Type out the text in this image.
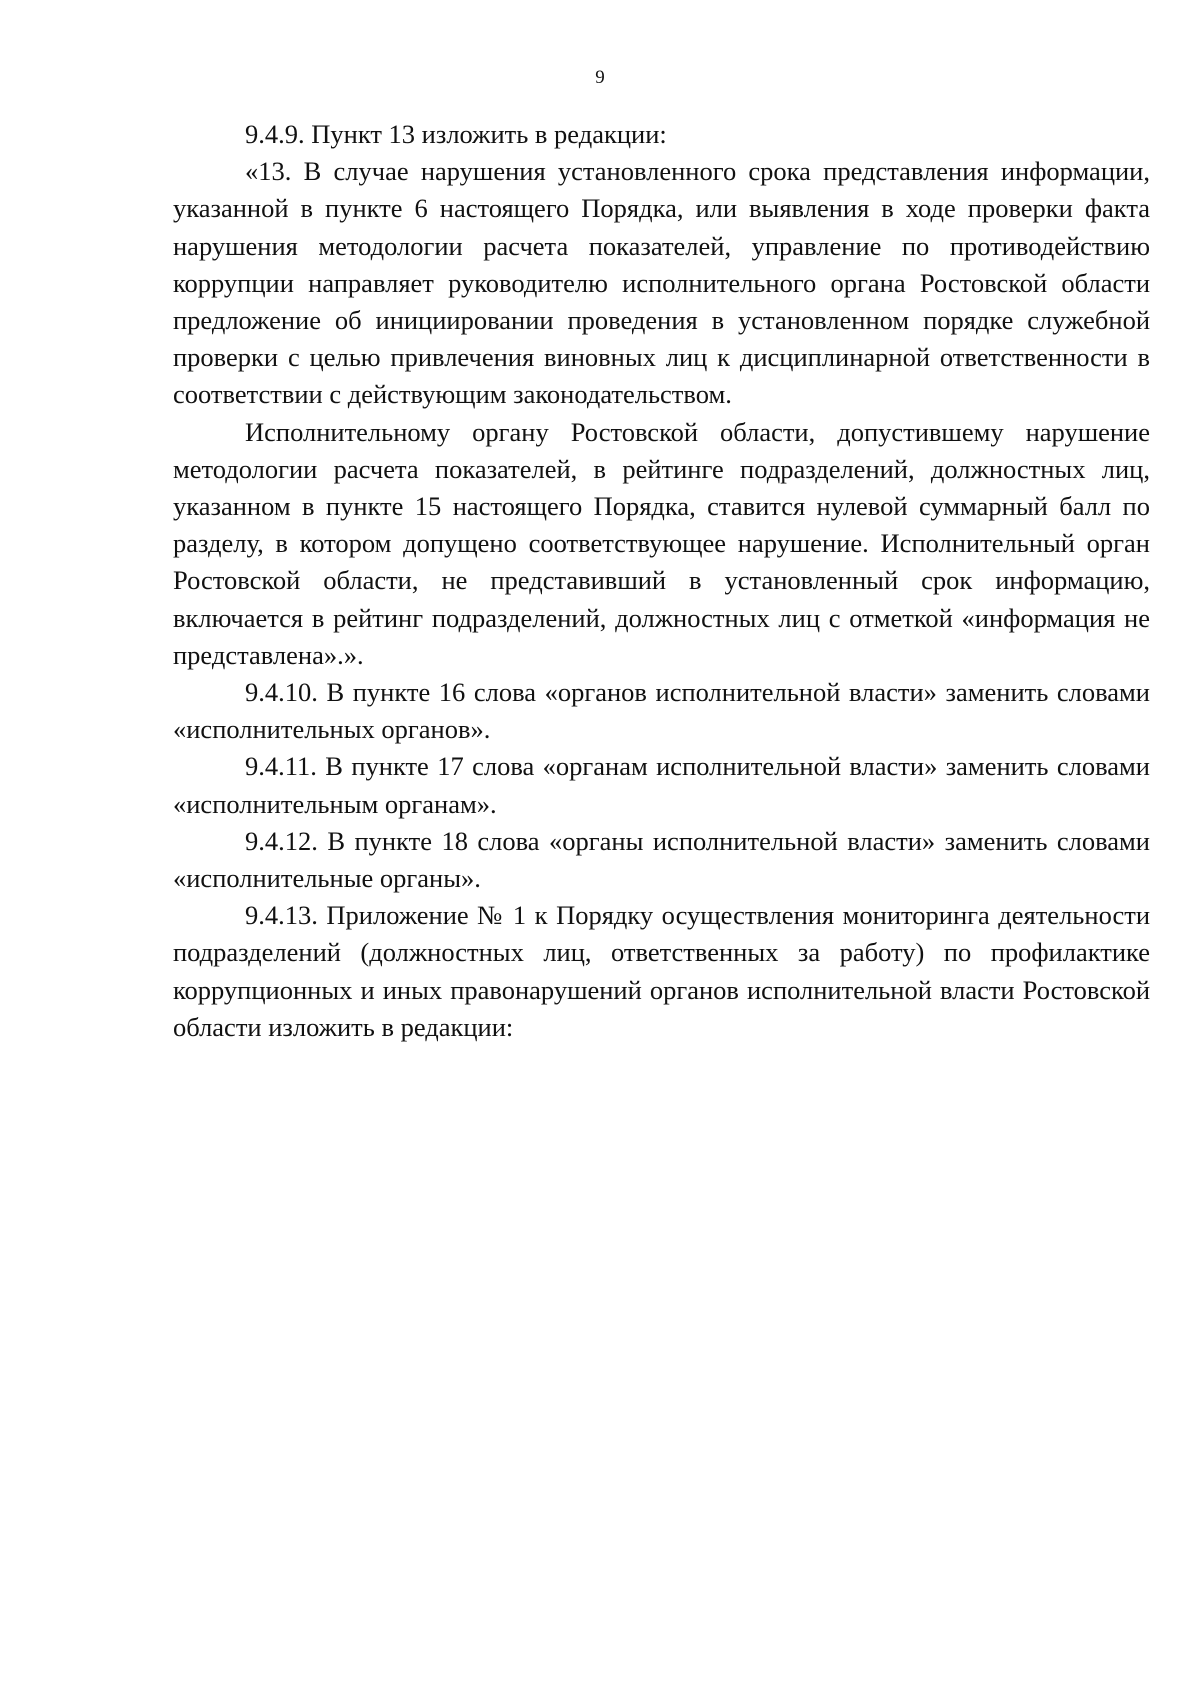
9

9.4.9. Пункт 13 изложить в редакции:

«13. В случае нарушения установленного срока представления информации, указанной в пункте 6 настоящего Порядка, или выявления в ходе проверки факта нарушения методологии расчета показателей, управление по противодействию коррупции направляет руководителю исполнительного органа Ростовской области предложение об инициировании проведения в установленном порядке служебной проверки с целью привлечения виновных лиц к дисциплинарной ответственности в соответствии с действующим законодательством.

Исполнительному органу Ростовской области, допустившему нарушение методологии расчета показателей, в рейтинге подразделений, должностных лиц, указанном в пункте 15 настоящего Порядка, ставится нулевой суммарный балл по разделу, в котором допущено соответствующее нарушение. Исполнительный орган Ростовской области, не представивший в установленный срок информацию, включается в рейтинг подразделений, должностных лиц с отметкой «информация не представлена».».

9.4.10. В пункте 16 слова «органов исполнительной власти» заменить словами «исполнительных органов».

9.4.11. В пункте 17 слова «органам исполнительной власти» заменить словами «исполнительным органам».

9.4.12. В пункте 18 слова «органы исполнительной власти» заменить словами «исполнительные органы».

9.4.13. Приложение № 1 к Порядку осуществления мониторинга деятельности подразделений (должностных лиц, ответственных за работу) по профилактике коррупционных и иных правонарушений органов исполнительной власти Ростовской области изложить в редакции:
